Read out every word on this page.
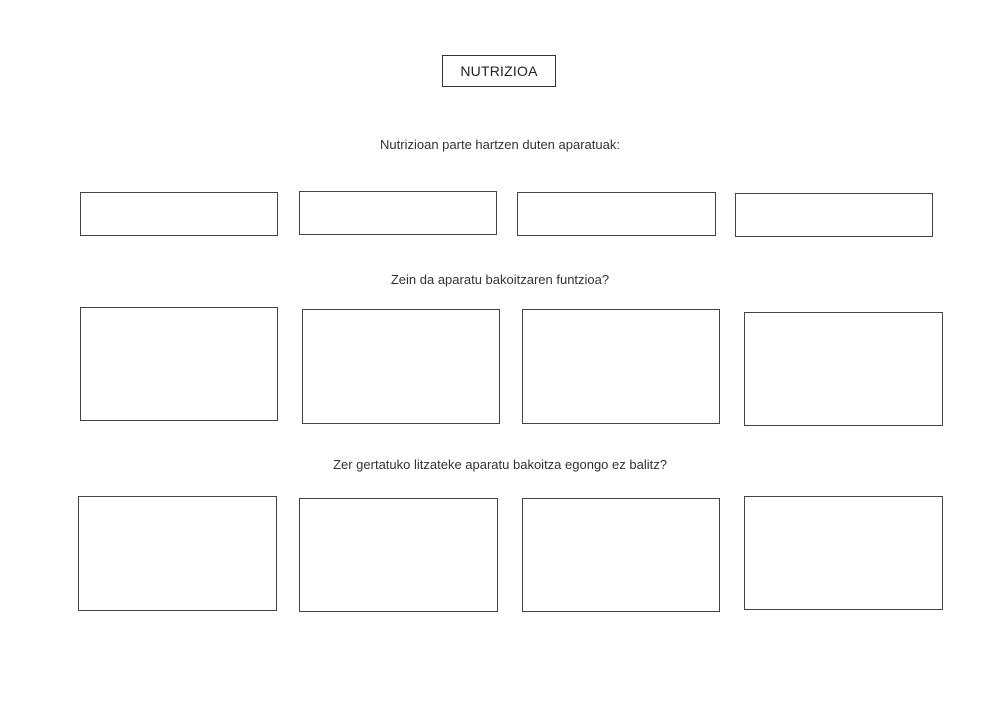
NUTRIZIOA
Nutrizioan parte hartzen duten aparatuak:
Zein da aparatu bakoitzaren funtzioa?
Zer gertatuko litzateke aparatu bakoitza egongo ez balitz?
